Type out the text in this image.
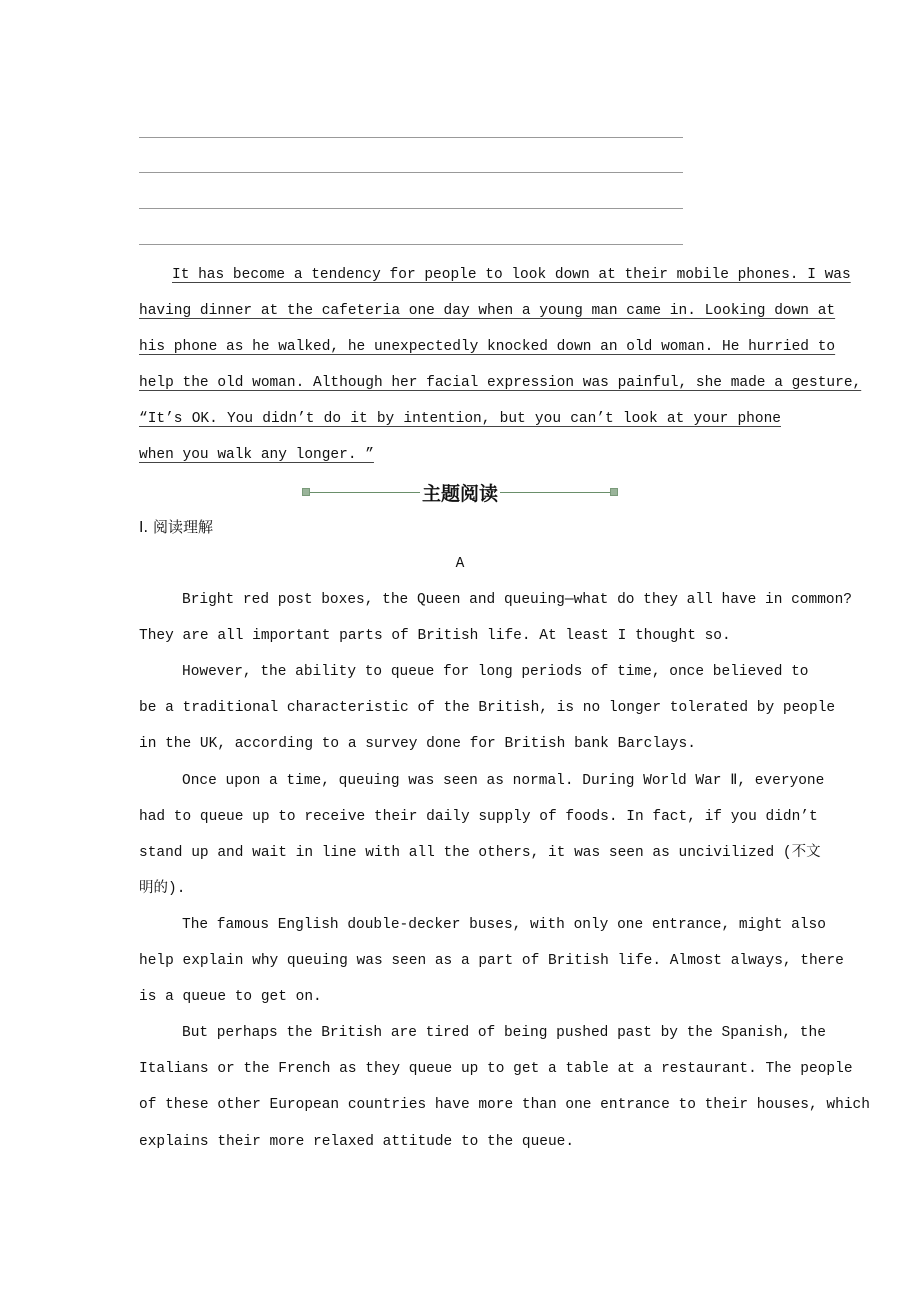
It has become a tendency for people to look down at their mobile phones. I was
having dinner at the cafeteria one day when a young man came in. Looking down at
his phone as he walked, he unexpectedly knocked down an old woman. He hurried to
help the old woman. Although her facial expression was painful, she made a gesture,
“It’s OK. You didn’t do it by intention, but you can’t look at your phone
when you walk any longer. ”
主题阅读
Ⅰ. 阅读理解
A
Bright red post boxes, the Queen and queuing—what do they all have in common?
They are all important parts of British life. At least I thought so.
However, the ability to queue for long periods of time, once believed to
be a traditional characteristic of the British, is no longer tolerated by people
in the UK, according to a survey done for British bank Barclays.
Once upon a time, queuing was seen as normal. During World War Ⅱ, everyone
had to queue up to receive their daily supply of foods. In fact, if you didn’t
stand up and wait in line with all the others, it was seen as uncivilized (不文
明的).
The famous English double-decker buses, with only one entrance, might also
help explain why queuing was seen as a part of British life. Almost always, there
is a queue to get on.
But perhaps the British are tired of being pushed past by the Spanish, the
Italians or the French as they queue up to get a table at a restaurant. The people
of these other European countries have more than one entrance to their houses, which
explains their more relaxed attitude to the queue.
